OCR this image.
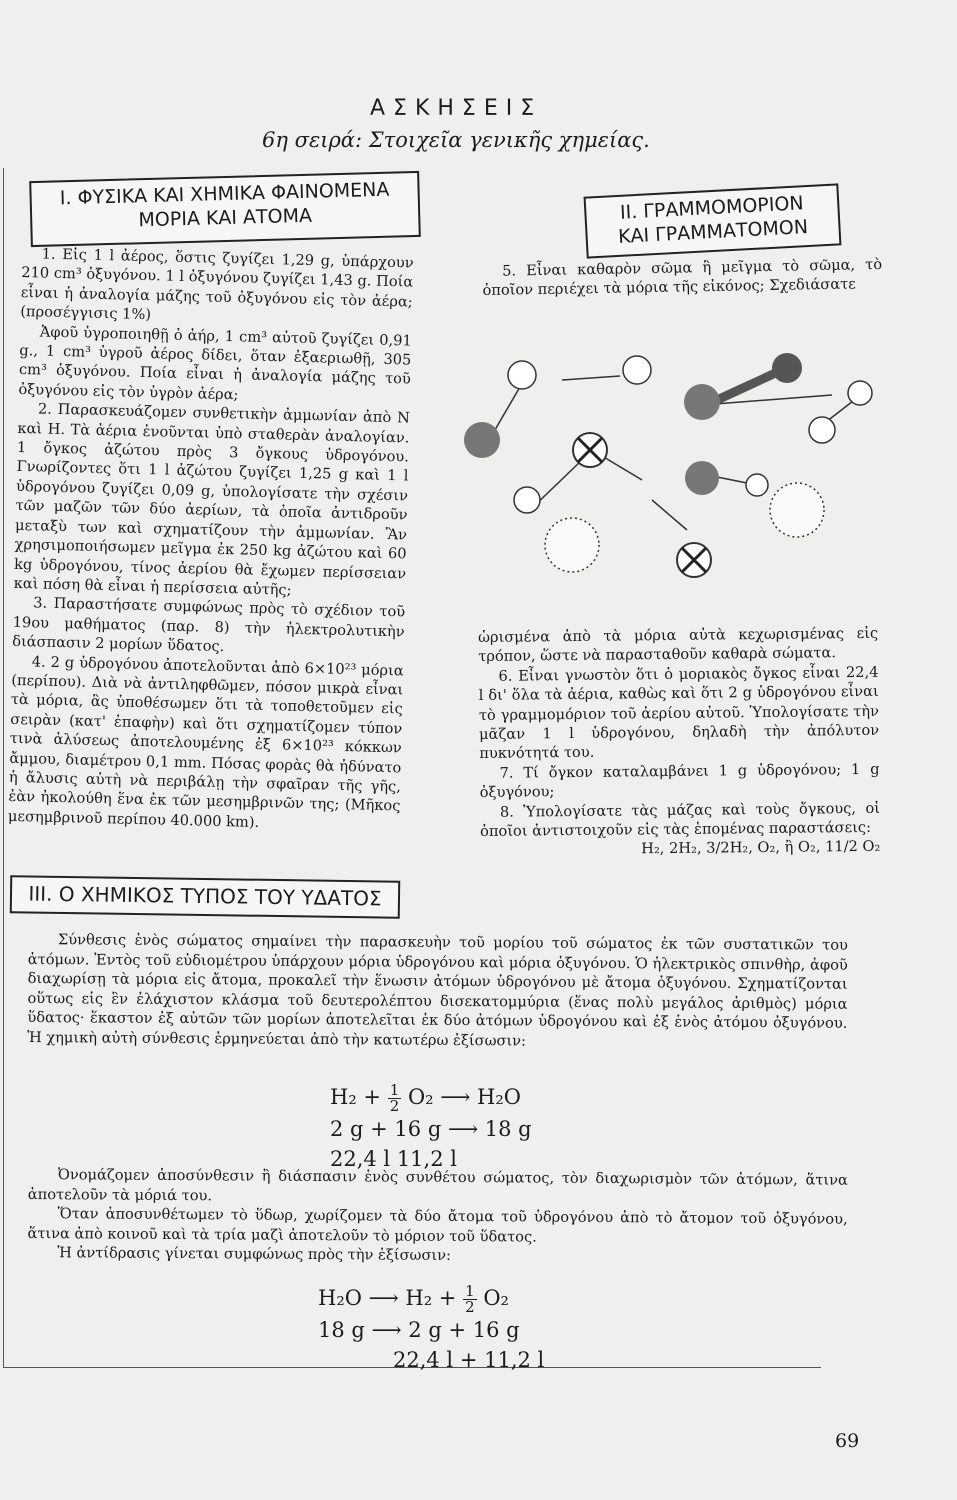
ΑΣΚΗΣΕΙΣ
6η σειρά: Στοιχεῖα γενικῆς χημείας.
I. ΦΥΣΙΚΑ ΚΑΙ ΧΗΜΙΚΑ ΦΑΙΝΟΜΕΝΑ
ΜΟΡΙΑ ΚΑΙ ΑΤΟΜΑ	II. ΓΡΑΜΜΟΜΟΡΙΟΝ
ΚΑΙ ΓΡΑΜΜΑΤΟΜΟΝ

1. Εἰς 1 l ἀέρος, ὅστις ζυγίζει 1,29 g, ὑπάρχουν 210 cm³ ὀξυγόνου. 1 l ὀξυγόνου ζυγίζει 1,43 g. Ποία εἶναι ἡ ἀναλογία μάζης τοῦ ὀξυγόνου εἰς τὸν ἀέρα; (προσέγγισις 1%)

Ἀφοῦ ὑγροποιηθῇ ὁ ἀήρ, 1 cm³ αὐτοῦ ζυγίζει 0,91 g., 1 cm³ ὑγροῦ ἀέρος δίδει, ὅταν ἐξαεριωθῇ, 305 cm³ ὀξυγόνου. Ποία εἶναι ἡ ἀναλογία μάζης τοῦ ὀξυγόνου εἰς τὸν ὑγρὸν ἀέρα;

2. Παρασκευάζομεν συνθετικὴν ἀμμωνίαν ἀπὸ N καὶ H. Τὰ ἀέρια ἑνοῦνται ὑπὸ σταθερὰν ἀναλογίαν. 1 ὄγκος ἀζώτου πρὸς 3 ὄγκους ὑδρογόνου. Γνωρίζοντες ὅτι 1 l ἀζώτου ζυγίζει 1,25 g καὶ 1 l ὑδρογόνου ζυγίζει 0,09 g, ὑπολογίσατε τὴν σχέσιν τῶν μαζῶν τῶν δύο ἀερίων, τὰ ὁποῖα ἀντιδροῦν μεταξὺ των καὶ σχηματίζουν τὴν ἀμμωνίαν. Ἂν χρησιμοποιήσωμεν μεῖγμα ἐκ 250 kg ἀζώτου καὶ 60 kg ὑδρογόνου, τίνος ἀερίου θὰ ἔχωμεν περίσσειαν καὶ πόση θὰ εἶναι ἡ περίσσεια αὐτῆς;

3. Παραστήσατε συμφώνως πρὸς τὸ σχέδιον τοῦ 19ου μαθήματος (παρ. 8) τὴν ἠλεκτρολυτικὴν διάσπασιν 2 μορίων ὕδατος.

4. 2 g ὑδρογόνου ἀποτελοῦνται ἀπὸ 6×10²³ μόρια (περίπου). Διὰ νὰ ἀντιληφθῶμεν, πόσον μικρὰ εἶναι τὰ μόρια, ἂς ὑποθέσωμεν ὅτι τὰ τοποθετοῦμεν εἰς σειρὰν (κατ' ἐπαφὴν) καὶ ὅτι σχηματίζομεν τύπον τινὰ ἀλύσεως ἀποτελουμένης ἐξ 6×10²³ κόκκων ἄμμου, διαμέτρου 0,1 mm. Πόσας φορὰς θὰ ἠδύνατο ἡ ἄλυσις αὐτὴ νὰ περιβάλῃ τὴν σφαῖραν τῆς γῆς, ἐὰν ἠκολούθη ἕνα ἐκ τῶν μεσημβρινῶν της; (Μῆκος μεσημβρινοῦ περίπου 40.000 km).

5. Εἶναι καθαρὸν σῶμα ἢ μεῖγμα τὸ σῶμα, τὸ ὁποῖον περιέχει τὰ μόρια τῆς εἰκόνος; Σχεδιάσατε

ὡρισμένα ἀπὸ τὰ μόρια αὐτὰ κεχωρισμένας εἰς τρόπον, ὥστε νὰ παρασταθοῦν καθαρὰ σώματα.

6. Εἶναι γνωστὸν ὅτι ὁ μοριακὸς ὄγκος εἶναι 22,4 l δι' ὅλα τὰ ἀέρια, καθὼς καὶ ὅτι 2 g ὑδρογόνου εἶναι τὸ γραμμομόριον τοῦ ἀερίου αὐτοῦ. Ὑπολογίσατε τὴν μᾶζαν 1 l ὑδρογόνου, δηλαδὴ τὴν ἀπόλυτον πυκνότητά του.

7. Τί ὄγκον καταλαμβάνει 1 g ὑδρογόνου; 1 g ὀξυγόνου;

8. Ὑπολογίσατε τὰς μάζας καὶ τοὺς ὄγκους, οἱ ὁποῖοι ἀντιστοιχοῦν εἰς τὰς ἑπομένας παραστάσεις:

H₂, 2H₂, 3/2H₂, O₂, ἢ O₂, 11/2 O₂

III. Ο ΧΗΜΙΚΟΣ ΤΥΠΟΣ ΤΟΥ ΥΔΑΤΟΣ

Σύνθεσις ἑνὸς σώματος σημαίνει τὴν παρασκευὴν τοῦ μορίου τοῦ σώματος ἐκ τῶν συστατικῶν του ἀτόμων. Ἐντὸς τοῦ εὐδιομέτρου ὑπάρχουν μόρια ὑδρογόνου καὶ μόρια ὀξυγόνου. Ὁ ἠλεκτρικὸς σπινθὴρ, ἀφοῦ διαχωρίσῃ τὰ μόρια εἰς ἄτομα, προκαλεῖ τὴν ἕνωσιν ἀτόμων ὑδρογόνου μὲ ἄτομα ὀξυγόνου. Σχηματίζονται οὕτως εἰς ἓν ἐλάχιστον κλάσμα τοῦ δευτερολέπτου δισεκατομμύρια (ἕνας πολὺ μεγάλος ἀριθμὸς) μόρια ὕδατος· ἕκαστον ἐξ αὐτῶν τῶν μορίων ἀποτελεῖται ἐκ δύο ἀτόμων ὑδρογόνου καὶ ἐξ ἑνὸς ἀτόμου ὀξυγόνου. Ἡ χημικὴ αὐτὴ σύνθεσις ἑρμηνεύεται ἀπὸ τὴν κατωτέρω ἐξίσωσιν:

$H_2 + \frac{1}{2} O_2$ ⟶ H₂O
2 g + 16 g ⟶ 18 g
22,4 l 11,2 l

Ὀνομάζομεν ἀποσύνθεσιν ἢ διάσπασιν ἑνὸς συνθέτου σώματος, τὸν διαχωρισμὸν τῶν ἀτόμων, ἅτινα ἀποτελοῦν τὰ μόριά του.

Ὅταν ἀποσυνθέτωμεν τὸ ὕδωρ, χωρίζομεν τὰ δύο ἄτομα τοῦ ὑδρογόνου ἀπὸ τὸ ἄτομον τοῦ ὀξυγόνου, ἅτινα ἀπὸ κοινοῦ καὶ τὰ τρία μαζὶ ἀποτελοῦν τὸ μόριον τοῦ ὕδατος.

Ἡ ἀντίδρασις γίνεται συμφώνως πρὸς τὴν ἐξίσωσιν:

H₂O ⟶ $H_2 + \frac{1}{2} O_2$
18 g ⟶ 2 g + 16 g
22,4 l + 11,2 l
69
